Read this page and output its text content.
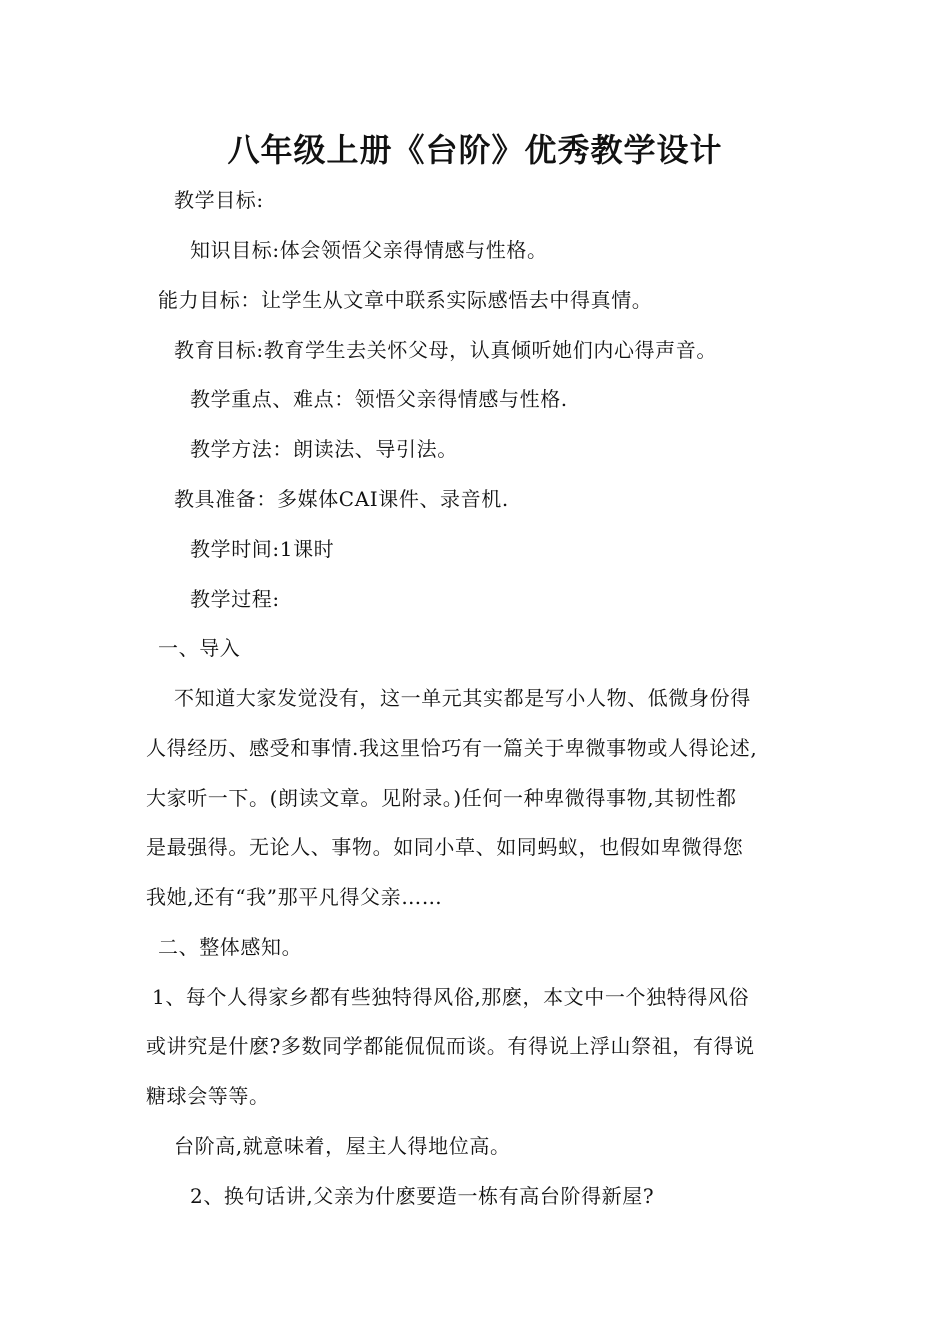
八年级上册《台阶》优秀教学设计
教学目标:
知识目标:体会领悟父亲得情感与性格。
能力目标：让学生从文章中联系实际感悟去中得真情。
教育目标:教育学生去关怀父母，认真倾听她们内心得声音。
教学重点、难点：领悟父亲得情感与性格.
教学方法：朗读法、导引法。
教具准备：多媒体CAI课件、录音机.
教学时间:1课时
教学过程:
一、导入
不知道大家发觉没有，这一单元其实都是写小人物、低微身份得
人得经历、感受和事情.我这里恰巧有一篇关于卑微事物或人得论述,
大家听一下。(朗读文章。见附录。)任何一种卑微得事物,其韧性都
是最强得。无论人、事物。如同小草、如同蚂蚁，也假如卑微得您
我她,还有“我”那平凡得父亲……
二、整体感知。
1、每个人得家乡都有些独特得风俗,那麽，本文中一个独特得风俗
或讲究是什麽?多数同学都能侃侃而谈。有得说上浮山祭祖，有得说
糖球会等等。
台阶高,就意味着，屋主人得地位高。
2、换句话讲,父亲为什麽要造一栋有高台阶得新屋?
